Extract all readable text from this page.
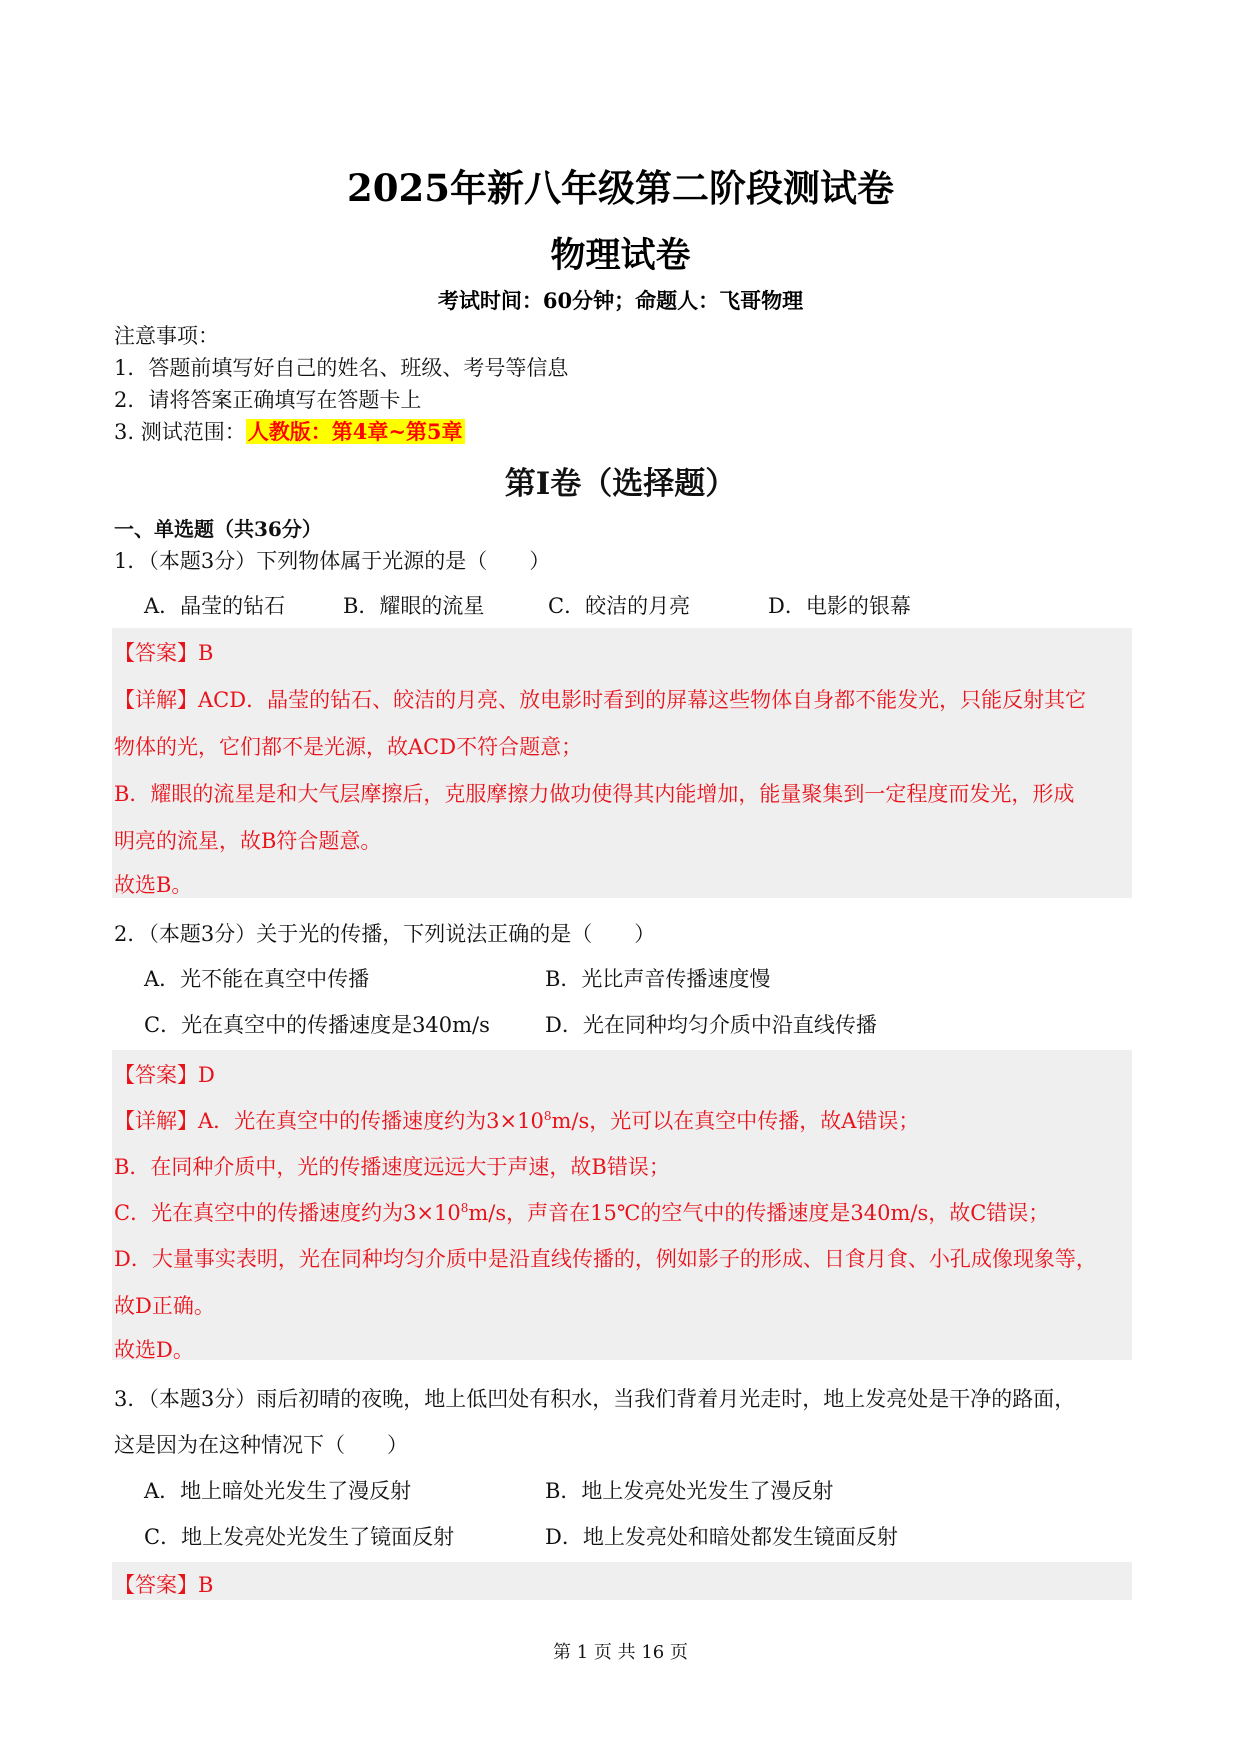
2025年新八年级第二阶段测试卷
物理试卷
考试时间：60分钟；命题人：飞哥物理
注意事项：
1．答题前填写好自己的姓名、班级、考号等信息
2．请将答案正确填写在答题卡上
3. 测试范围：人教版：第4章~第5章
第Ⅰ卷（选择题）
一、单选题（共36分）
1．（本题3分）下列物体属于光源的是（　　）
A．晶莹的钻石	B．耀眼的流星	C．皎洁的月亮	D．电影的银幕
【答案】B
【详解】ACD．晶莹的钻石、皎洁的月亮、放电影时看到的屏幕这些物体自身都不能发光，只能反射其它
物体的光，它们都不是光源，故ACD不符合题意；
B．耀眼的流星是和大气层摩擦后，克服摩擦力做功使得其内能增加，能量聚集到一定程度而发光，形成
明亮的流星，故B符合题意。
故选B。
2．（本题3分）关于光的传播，下列说法正确的是（　　）
A．光不能在真空中传播	B．光比声音传播速度慢
C．光在真空中的传播速度是340m/s	D．光在同种均匀介质中沿直线传播
【答案】D
【详解】A．光在真空中的传播速度约为$3\times 10^8m/s$，光可以在真空中传播，故A错误；
B．在同种介质中，光的传播速度远远大于声速，故B错误；
C．光在真空中的传播速度约为$3\times 10^8m/s$，声音在15℃的空气中的传播速度是340m/s，故C错误；
D．大量事实表明，光在同种均匀介质中是沿直线传播的，例如影子的形成、日食月食、小孔成像现象等，
故D正确。
故选D。
3．（本题3分）雨后初晴的夜晚，地上低凹处有积水，当我们背着月光走时，地上发亮处是干净的路面，
这是因为在这种情况下（　　）
A．地上暗处光发生了漫反射	B．地上发亮处光发生了漫反射
C．地上发亮处光发生了镜面反射	D．地上发亮处和暗处都发生镜面反射
【答案】B
第 1 页 共 16 页
